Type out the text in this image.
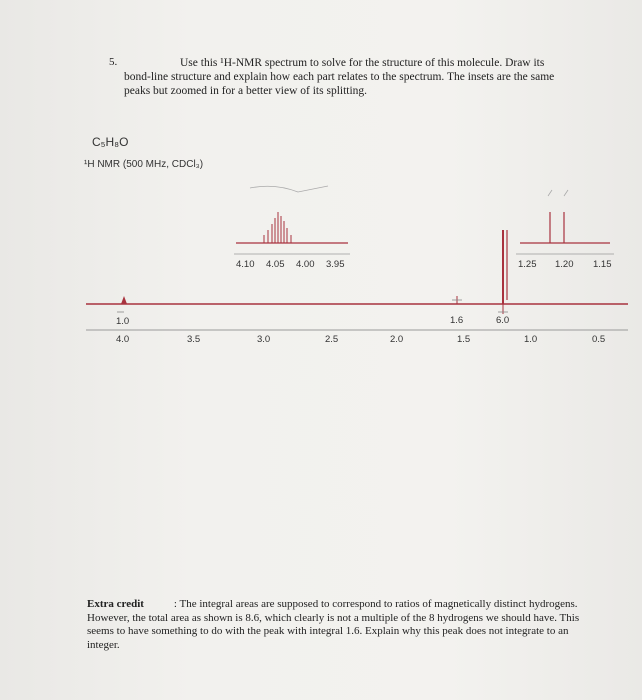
5.	Use this ¹H-NMR spectrum to solve for the structure of this molecule. Draw its bond-line structure and explain how each part relates to the spectrum. The insets are the same peaks but zoomed in for a better view of its splitting.
C₅H₈O
¹H NMR (500 MHz, CDCl₃)
4.0	3.5	3.0	2.5	2.0	1.5	1.0	0.5
1.0	1.6	6.0
4.10 4.05 4.00 3.95	1.25 1.20 1.15
Extra credit	: The integral areas are supposed to correspond to ratios of magnetically distinct hydrogens. However, the total area as shown is 8.6, which clearly is not a multiple of the 8 hydrogens we should have. This seems to have something to do with the peak with integral 1.6. Explain why this peak does not integrate to an integer.
